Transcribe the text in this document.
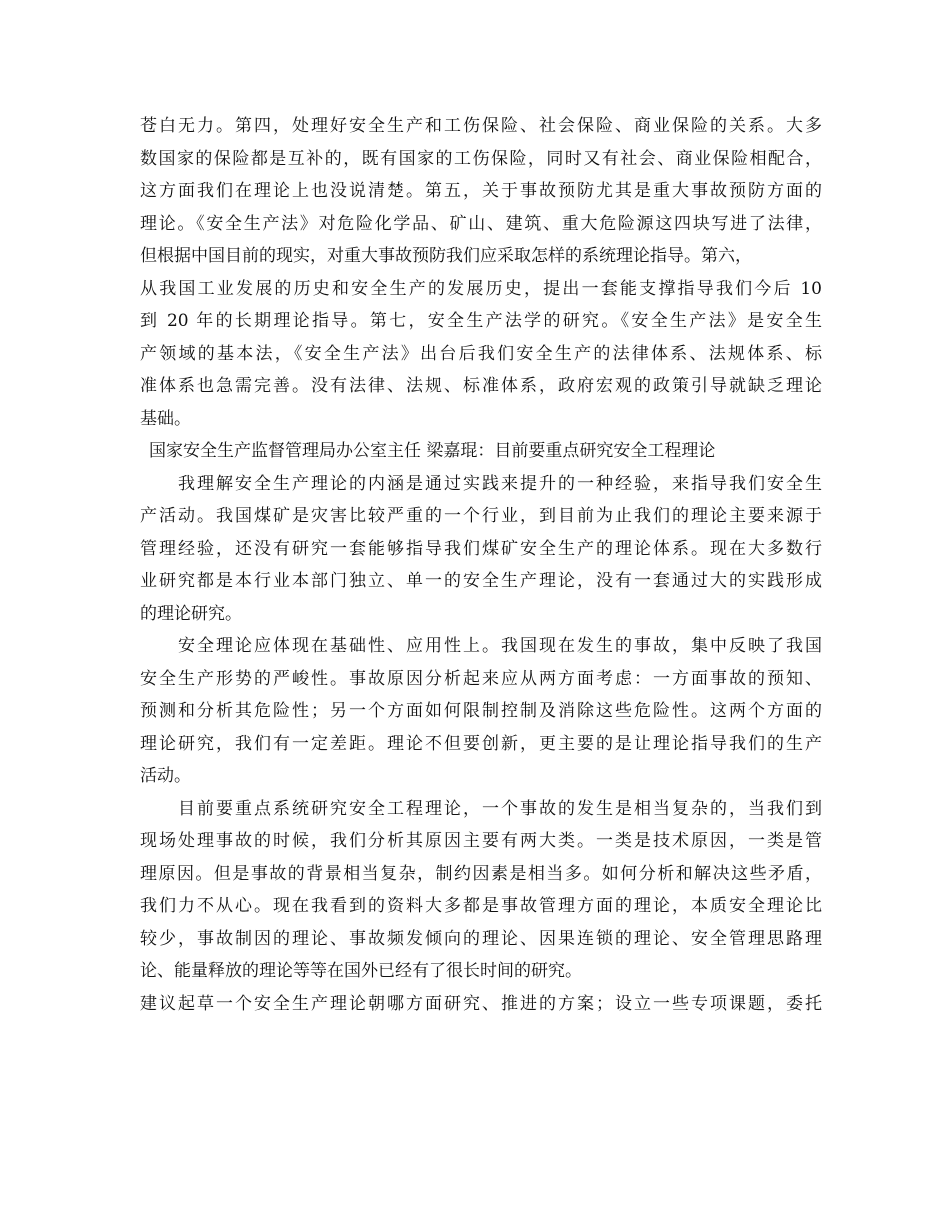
苍白无力。第四，处理好安全生产和工伤保险、社会保险、商业保险的关系。大多
数国家的保险都是互补的，既有国家的工伤保险，同时又有社会、商业保险相配合，
这方面我们在理论上也没说清楚。第五，关于事故预防尤其是重大事故预防方面的
理论。《安全生产法》对危险化学品、矿山、建筑、重大危险源这四块写进了法律，
但根据中国目前的现实，对重大事故预防我们应采取怎样的系统理论指导。第六，
从我国工业发展的历史和安全生产的发展历史，提出一套能支撑指导我们今后 10
到 20 年的长期理论指导。第七，安全生产法学的研究。《安全生产法》是安全生
产领域的基本法，《安全生产法》出台后我们安全生产的法律体系、法规体系、标
准体系也急需完善。没有法律、法规、标准体系，政府宏观的政策引导就缺乏理论
基础。
国家安全生产监督管理局办公室主任 梁嘉琨：目前要重点研究安全工程理论
我理解安全生产理论的内涵是通过实践来提升的一种经验，来指导我们安全生
产活动。我国煤矿是灾害比较严重的一个行业，到目前为止我们的理论主要来源于
管理经验，还没有研究一套能够指导我们煤矿安全生产的理论体系。现在大多数行
业研究都是本行业本部门独立、单一的安全生产理论，没有一套通过大的实践形成
的理论研究。
安全理论应体现在基础性、应用性上。我国现在发生的事故，集中反映了我国
安全生产形势的严峻性。事故原因分析起来应从两方面考虑：一方面事故的预知、
预测和分析其危险性；另一个方面如何限制控制及消除这些危险性。这两个方面的
理论研究，我们有一定差距。理论不但要创新，更主要的是让理论指导我们的生产
活动。
目前要重点系统研究安全工程理论，一个事故的发生是相当复杂的，当我们到
现场处理事故的时候，我们分析其原因主要有两大类。一类是技术原因，一类是管
理原因。但是事故的背景相当复杂，制约因素是相当多。如何分析和解决这些矛盾，
我们力不从心。现在我看到的资料大多都是事故管理方面的理论，本质安全理论比
较少，事故制因的理论、事故频发倾向的理论、因果连锁的理论、安全管理思路理
论、能量释放的理论等等在国外已经有了很长时间的研究。
建议起草一个安全生产理论朝哪方面研究、推进的方案；设立一些专项课题，委托
